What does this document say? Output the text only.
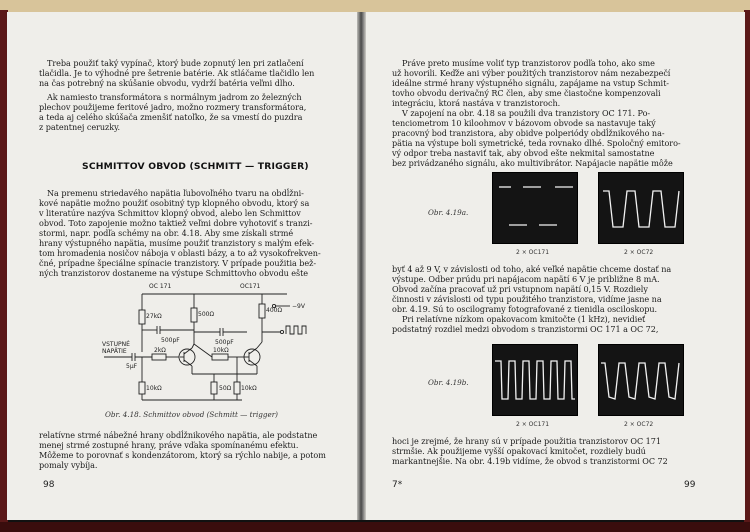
Treba použiť taký vypínač, ktorý bude zopnutý len pri zatlačení

tlačidla. Je to výhodné pre šetrenie batérie. Ak stláčame tlačidlo len

na čas potrebný na skúšanie obvodu, vydrží batéria veľmi dlho.

Ak namiesto transformátora s normálnym jadrom zo železných

plechov použijeme feritové jadro, možno rozmery transformátora,

a teda aj celého skúšača zmenšiť natoľko, že sa vmestí do puzdra

z patentnej ceruzky.

SCHMITTOV OBVOD (SCHMITT — TRIGGER)

Na premenu striedavého napätia ľubovoľného tvaru na obdĺžni-

kové napätie možno použiť osobitný typ klopného obvodu, ktorý sa

v literatúre nazýva Schmittov klopný obvod, alebo len Schmittov

obvod. Toto zapojenie možno taktiež veľmi dobre vyhotoviť s tranzi-

stormi, napr. podľa schémy na obr. 4.18. Aby sme získali strmé

hrany výstupného napätia, musíme použiť tranzistory s malým efek-

tom hromadenia nosičov náboja v oblasti bázy, a to až vysokofrekven-

čné, prípadne špeciálne spínacie tranzistory. V prípade použitia bež-

ných tranzistorov dostaneme na výstupe Schmittovho obvodu ešte

OC 171	OC171
27kΩ	500Ω
400Ω
2kΩ	10kΩ
10kΩ	50Ω 10kΩ
500pF	500pF
5µF
VSTUPNÉ
NAPÄTIE
−9V
Obr. 4.18. Schmittov obvod (Schmitt — trigger)

relatívne strmé nábežné hrany obdĺžnikového napätia, ale podstatne

menej strmé zostupné hrany, práve vďaka spomínanému efektu.

Môžeme to porovnať s kondenzátorom, ktorý sa rýchlo nabije, a potom

pomaly vybíja.

98

Práve preto musíme voliť typ tranzistorov podľa toho, ako sme

už hovorili. Keďže ani výber použitých tranzistorov nám nezabezpečí

ideálne strmé hrany výstupného signálu, zapájame na vstup Schmit-

tovho obvodu derivačný RC člen, aby sme čiastočne kompenzovali

integráciu, ktorá nastáva v tranzistoroch.

V zapojení na obr. 4.18 sa použili dva tranzistory OC 171. Po-

tenciometrom 10 kiloohmov v bázovom obvode sa nastavuje taký

pracovný bod tranzistora, aby obidve polperiódy obdĺžnikového na-

pätia na výstupe boli symetrické, teda rovnako dlhé. Spoločný emitoro-

vý odpor treba nastaviť tak, aby obvod ešte nekmital samostatne

bez privádzaného signálu, ako multivibrátor. Napájacie napätie môže

Obr. 4.19a.
2 × OC171	2 × OC72

byť 4 až 9 V, v závislosti od toho, aké veľké napätie chceme dostať na

výstupe. Odber prúdu pri napájacom napätí 6 V je približne 8 mA.

Obvod začína pracovať už pri vstupnom napätí 0,15 V. Rozdiely

činnosti v závislosti od typu použitého tranzistora, vidíme jasne na

obr. 4.19. Sú to oscilogramy fotografované z tienidla osciloskopu.

Pri relatívne nízkom opakovacom kmitočte (1 kHz), nevidieť

podstatný rozdiel medzi obvodom s tranzistormi OC 171 a OC 72,

Obr. 4.19b.
2 × OC171	2 × OC72

hoci je zrejmé, že hrany sú v prípade použitia tranzistorov OC 171

strmšie. Ak použijeme vyšší opakovací kmitočet, rozdiely budú

markantnejšie. Na obr. 4.19b vidíme, že obvod s tranzistormi OC 72

7*	99
